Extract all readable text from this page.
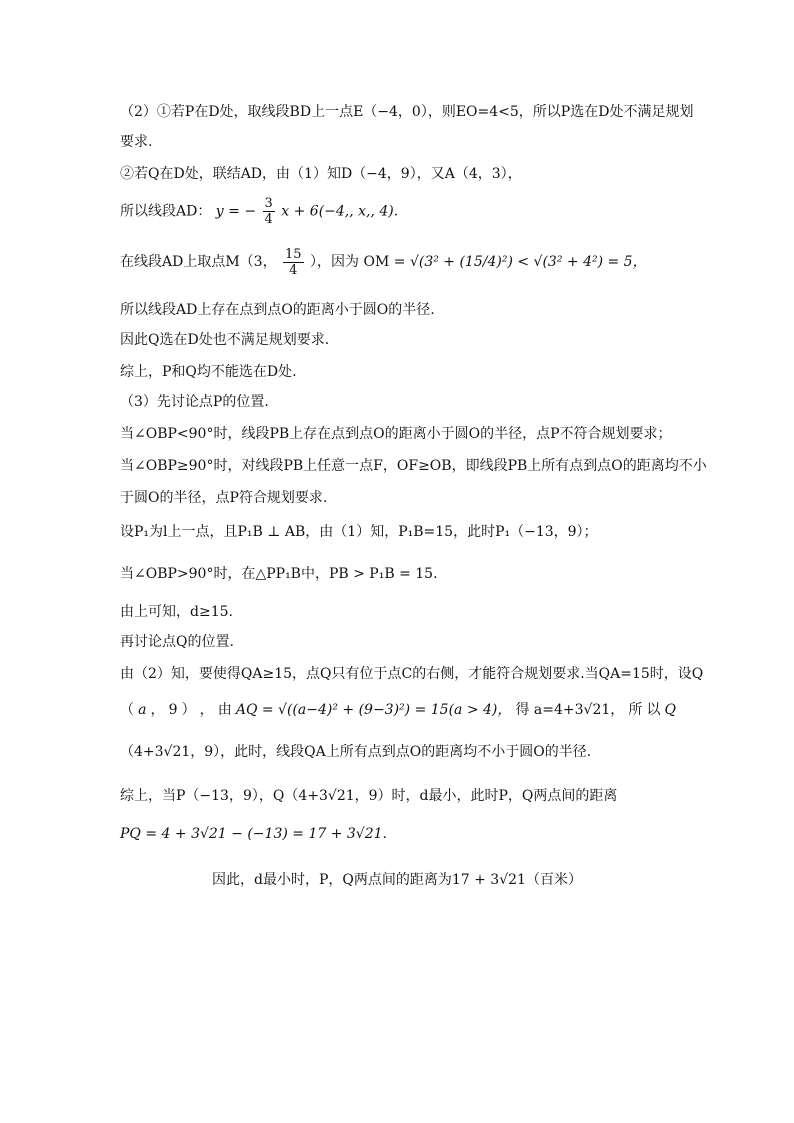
（2）①若P在D处，取线段BD上一点E（−4，0），则EO=4<5，所以P选在D处不满足规划
要求.
②若Q在D处，联结AD，由（1）知D（−4，9），又A（4，3），
所以线段AD： y = − $\frac{3}{4}$ x + 6(−4,, x,, 4).
在线段AD上取点M（3， $\frac{15}{4}$ ），因为 OM = √(3² + (15/4)²) < √(3² + 4²) = 5，
所以线段AD上存在点到点O的距离小于圆O的半径.
因此Q选在D处也不满足规划要求.
综上，P和Q均不能选在D处.
（3）先讨论点P的位置.
当∠OBP<90°时，线段PB上存在点到点O的距离小于圆O的半径，点P不符合规划要求；
当∠OBP≥90°时，对线段PB上任意一点F，OF≥OB，即线段PB上所有点到点O的距离均不小
于圆O的半径，点P符合规划要求.
设P₁为l上一点，且P₁B ⊥ AB，由（1）知，P₁B=15，此时P₁（−13，9）；
当∠OBP>90°时，在△PP₁B中，PB > P₁B = 15.
由上可知，d≥15.
再讨论点Q的位置.
由（2）知，要使得QA≥15，点Q只有位于点C的右侧，才能符合规划要求.当QA=15时，设Q
（ a ， 9 ） ， 由 AQ = √((a−4)² + (9−3)²) = 15(a > 4)， 得 a=4+3√21， 所 以 Q
（4+3√21，9），此时，线段QA上所有点到点O的距离均不小于圆O的半径.
综上，当P（−13，9），Q（4+3√21，9）时，d最小，此时P，Q两点间的距离
PQ = 4 + 3√21 − (−13) = 17 + 3√21.
因此，d最小时，P，Q两点间的距离为17 + 3√21（百米）
